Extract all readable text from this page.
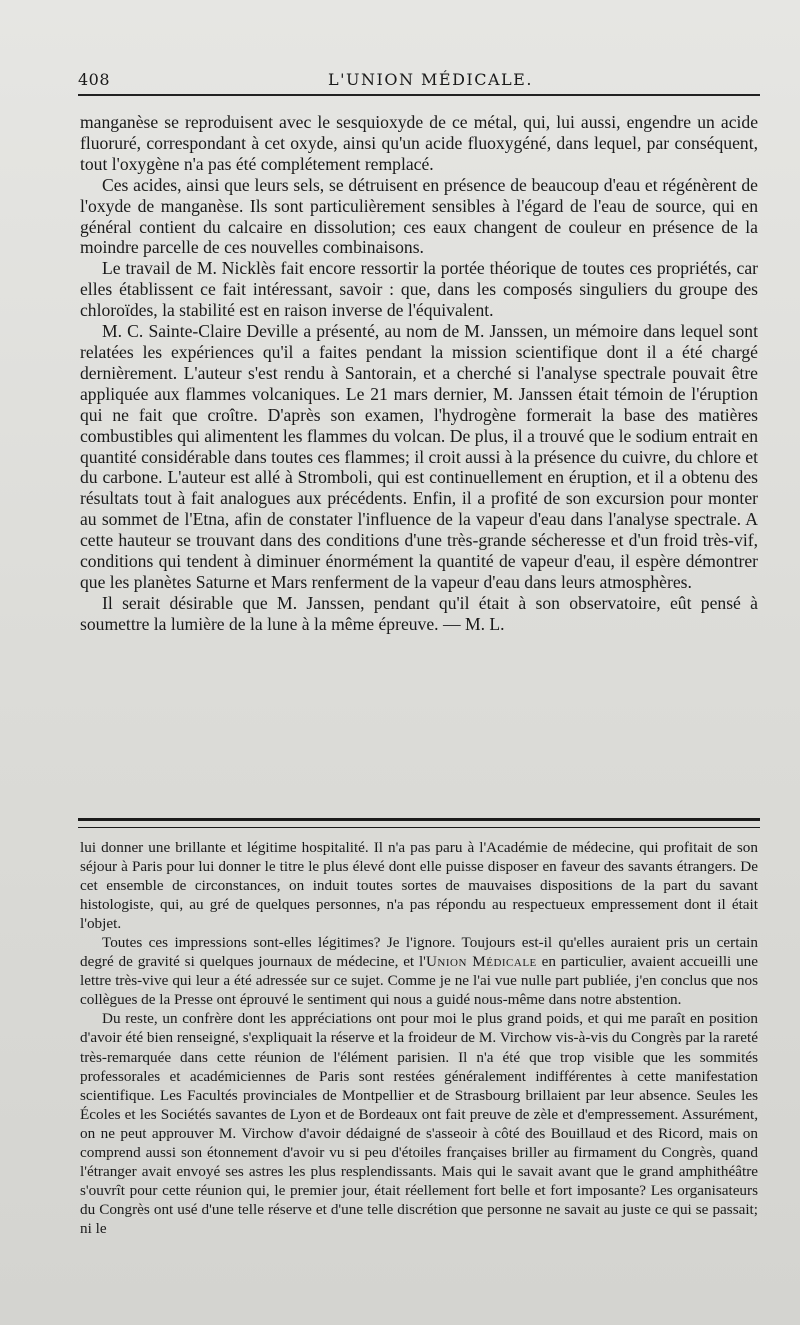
408	L'UNION MÉDICALE.

manganèse se reproduisent avec le sesquioxyde de ce métal, qui, lui aussi, engendre un acide fluoruré, correspondant à cet oxyde, ainsi qu'un acide fluoxygéné, dans lequel, par conséquent, tout l'oxygène n'a pas été complétement remplacé.

Ces acides, ainsi que leurs sels, se détruisent en présence de beaucoup d'eau et régénèrent de l'oxyde de manganèse. Ils sont particulièrement sensibles à l'égard de l'eau de source, qui en général contient du calcaire en dissolution; ces eaux changent de couleur en présence de la moindre parcelle de ces nouvelles combinaisons.

Le travail de M. Nicklès fait encore ressortir la portée théorique de toutes ces propriétés, car elles établissent ce fait intéressant, savoir : que, dans les composés singuliers du groupe des chloroïdes, la stabilité est en raison inverse de l'équivalent.

M. C. Sainte-Claire Deville a présenté, au nom de M. Janssen, un mémoire dans lequel sont relatées les expériences qu'il a faites pendant la mission scientifique dont il a été chargé dernièrement. L'auteur s'est rendu à Santorain, et a cherché si l'analyse spectrale pouvait être appliquée aux flammes volcaniques. Le 21 mars dernier, M. Janssen était témoin de l'éruption qui ne fait que croître. D'après son examen, l'hydrogène formerait la base des matières combustibles qui alimentent les flammes du volcan. De plus, il a trouvé que le sodium entrait en quantité considérable dans toutes ces flammes; il croit aussi à la présence du cuivre, du chlore et du carbone. L'auteur est allé à Stromboli, qui est continuellement en éruption, et il a obtenu des résultats tout à fait analogues aux précédents. Enfin, il a profité de son excursion pour monter au sommet de l'Etna, afin de constater l'influence de la vapeur d'eau dans l'analyse spectrale. A cette hauteur se trouvant dans des conditions d'une très-grande sécheresse et d'un froid très-vif, conditions qui tendent à diminuer énormément la quantité de vapeur d'eau, il espère démontrer que les planètes Saturne et Mars renferment de la vapeur d'eau dans leurs atmosphères.

Il serait désirable que M. Janssen, pendant qu'il était à son observatoire, eût pensé à soumettre la lumière de la lune à la même épreuve. — M. L.

lui donner une brillante et légitime hospitalité. Il n'a pas paru à l'Académie de médecine, qui profitait de son séjour à Paris pour lui donner le titre le plus élevé dont elle puisse disposer en faveur des savants étrangers. De cet ensemble de circonstances, on induit toutes sortes de mauvaises dispositions de la part du savant histologiste, qui, au gré de quelques personnes, n'a pas répondu au respectueux empressement dont il était l'objet.

Toutes ces impressions sont-elles légitimes? Je l'ignore. Toujours est-il qu'elles auraient pris un certain degré de gravité si quelques journaux de médecine, et l'Union Médicale en particulier, avaient accueilli une lettre très-vive qui leur a été adressée sur ce sujet. Comme je ne l'ai vue nulle part publiée, j'en conclus que nos collègues de la Presse ont éprouvé le sentiment qui nous a guidé nous-même dans notre abstention.

Du reste, un confrère dont les appréciations ont pour moi le plus grand poids, et qui me paraît en position d'avoir été bien renseigné, s'expliquait la réserve et la froideur de M. Virchow vis-à-vis du Congrès par la rareté très-remarquée dans cette réunion de l'élément parisien. Il n'a été que trop visible que les sommités professorales et académiciennes de Paris sont restées généralement indifférentes à cette manifestation scientifique. Les Facultés provinciales de Montpellier et de Strasbourg brillaient par leur absence. Seules les Écoles et les Sociétés savantes de Lyon et de Bordeaux ont fait preuve de zèle et d'empressement. Assurément, on ne peut approuver M. Virchow d'avoir dédaigné de s'asseoir à côté des Bouillaud et des Ricord, mais on comprend aussi son étonnement d'avoir vu si peu d'étoiles françaises briller au firmament du Congrès, quand l'étranger avait envoyé ses astres les plus resplendissants. Mais qui le savait avant que le grand amphithéâtre s'ouvrît pour cette réunion qui, le premier jour, était réellement fort belle et fort imposante? Les organisateurs du Congrès ont usé d'une telle réserve et d'une telle discrétion que personne ne savait au juste ce qui se passait; ni le
